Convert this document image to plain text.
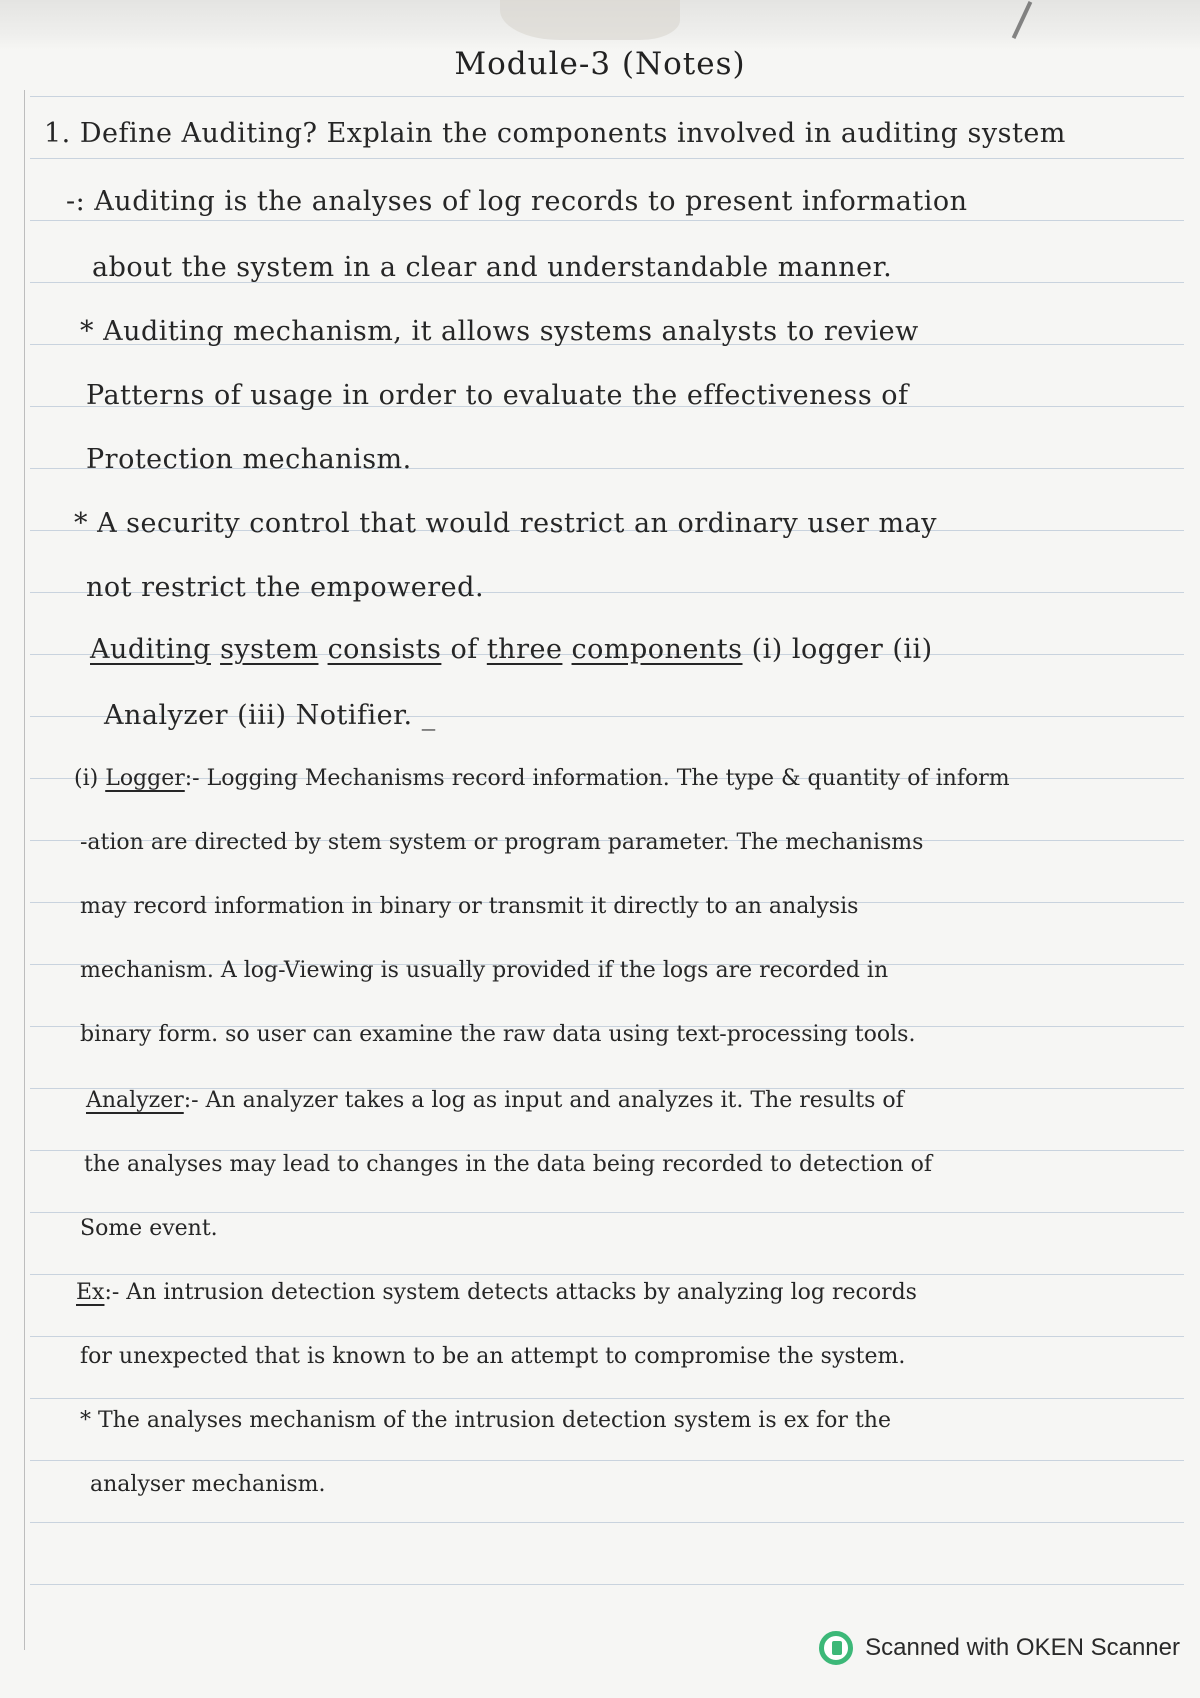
Module-3 (Notes)
1. Define Auditing? Explain the components involved in auditing system
-: Auditing is the analyses of log records to present information
about the system in a clear and understandable manner.
* Auditing mechanism, it allows systems analysts to review
Patterns of usage in order to evaluate the effectiveness of
Protection mechanism.
* A security control that would restrict an ordinary user may
not restrict the empowered.
Auditing system consists of three components (i) logger (ii)
Analyzer (iii) Notifier. _
(i) Logger:- Logging Mechanisms record information. The type & quantity of inform
-ation are directed by stem system or program parameter. The mechanisms
may record information in binary or transmit it directly to an analysis
mechanism. A log-Viewing is usually provided if the logs are recorded in
binary form. so user can examine the raw data using text-processing tools.
Analyzer:- An analyzer takes a log as input and analyzes it. The results of
the analyses may lead to changes in the data being recorded to detection of
Some event.
Ex:- An intrusion detection system detects attacks by analyzing log records
for unexpected that is known to be an attempt to compromise the system.
* The analyses mechanism of the intrusion detection system is ex for the
analyser mechanism.
Scanned with OKEN Scanner
